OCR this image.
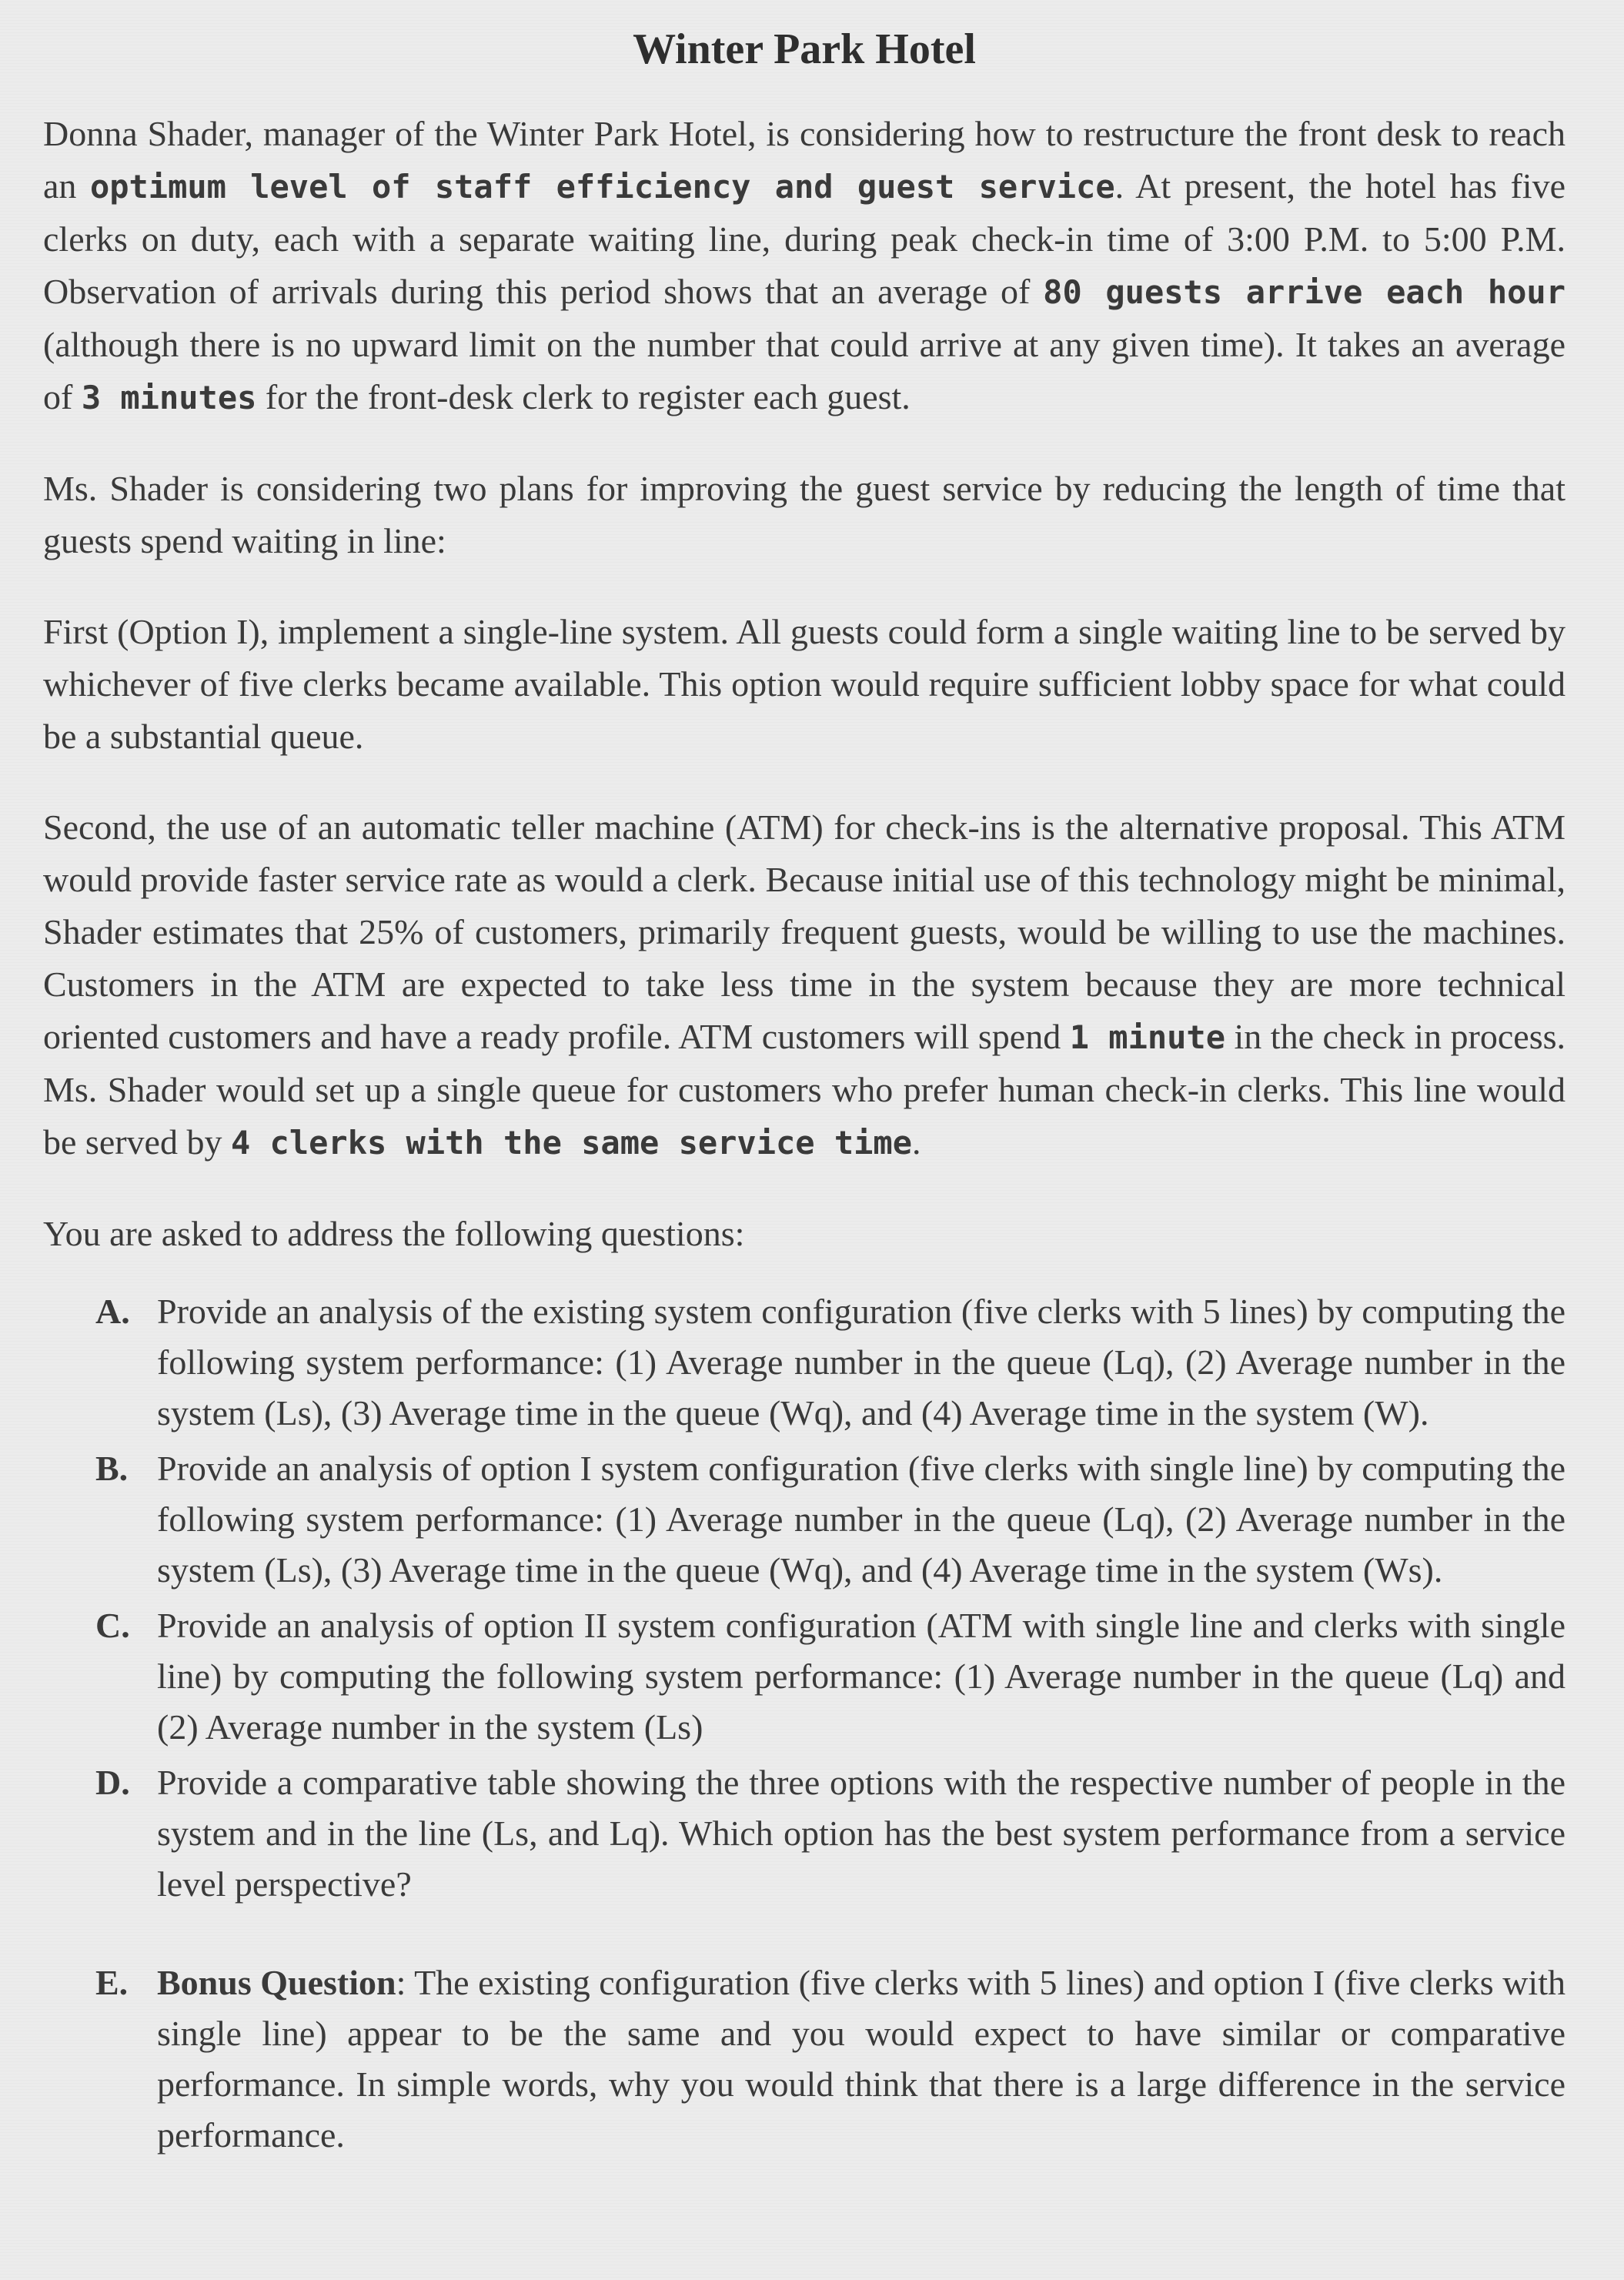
Winter Park Hotel

Donna Shader, manager of the Winter Park Hotel, is considering how to restructure the front desk to reach an optimum level of staff efficiency and guest service. At present, the hotel has five clerks on duty, each with a separate waiting line, during peak check-in time of 3:00 P.M. to 5:00 P.M. Observation of arrivals during this period shows that an average of 80 guests arrive each hour (although there is no upward limit on the number that could arrive at any given time). It takes an average of 3 minutes for the front-desk clerk to register each guest.

Ms. Shader is considering two plans for improving the guest service by reducing the length of time that guests spend waiting in line:

First (Option I), implement a single-line system. All guests could form a single waiting line to be served by whichever of five clerks became available. This option would require sufficient lobby space for what could be a substantial queue.

Second, the use of an automatic teller machine (ATM) for check-ins is the alternative proposal. This ATM would provide faster service rate as would a clerk. Because initial use of this technology might be minimal, Shader estimates that 25% of customers, primarily frequent guests, would be willing to use the machines. Customers in the ATM are expected to take less time in the system because they are more technical oriented customers and have a ready profile. ATM customers will spend 1 minute in the check in process. Ms. Shader would set up a single queue for customers who prefer human check-in clerks. This line would be served by 4 clerks with the same service time.

You are asked to address the following questions:

A. Provide an analysis of the existing system configuration (five clerks with 5 lines) by computing the following system performance: (1) Average number in the queue (Lq), (2) Average number in the system (Ls), (3) Average time in the queue (Wq), and (4) Average time in the system (W).
B. Provide an analysis of option I system configuration (five clerks with single line) by computing the following system performance: (1) Average number in the queue (Lq), (2) Average number in the system (Ls), (3) Average time in the queue (Wq), and (4) Average time in the system (Ws).
C. Provide an analysis of option II system configuration (ATM with single line and clerks with single line) by computing the following system performance: (1) Average number in the queue (Lq) and (2) Average number in the system (Ls)
D. Provide a comparative table showing the three options with the respective number of people in the system and in the line (Ls, and Lq). Which option has the best system performance from a service level perspective?
E. Bonus Question: The existing configuration (five clerks with 5 lines) and option I (five clerks with single line) appear to be the same and you would expect to have similar or comparative performance. In simple words, why you would think that there is a large difference in the service performance.
